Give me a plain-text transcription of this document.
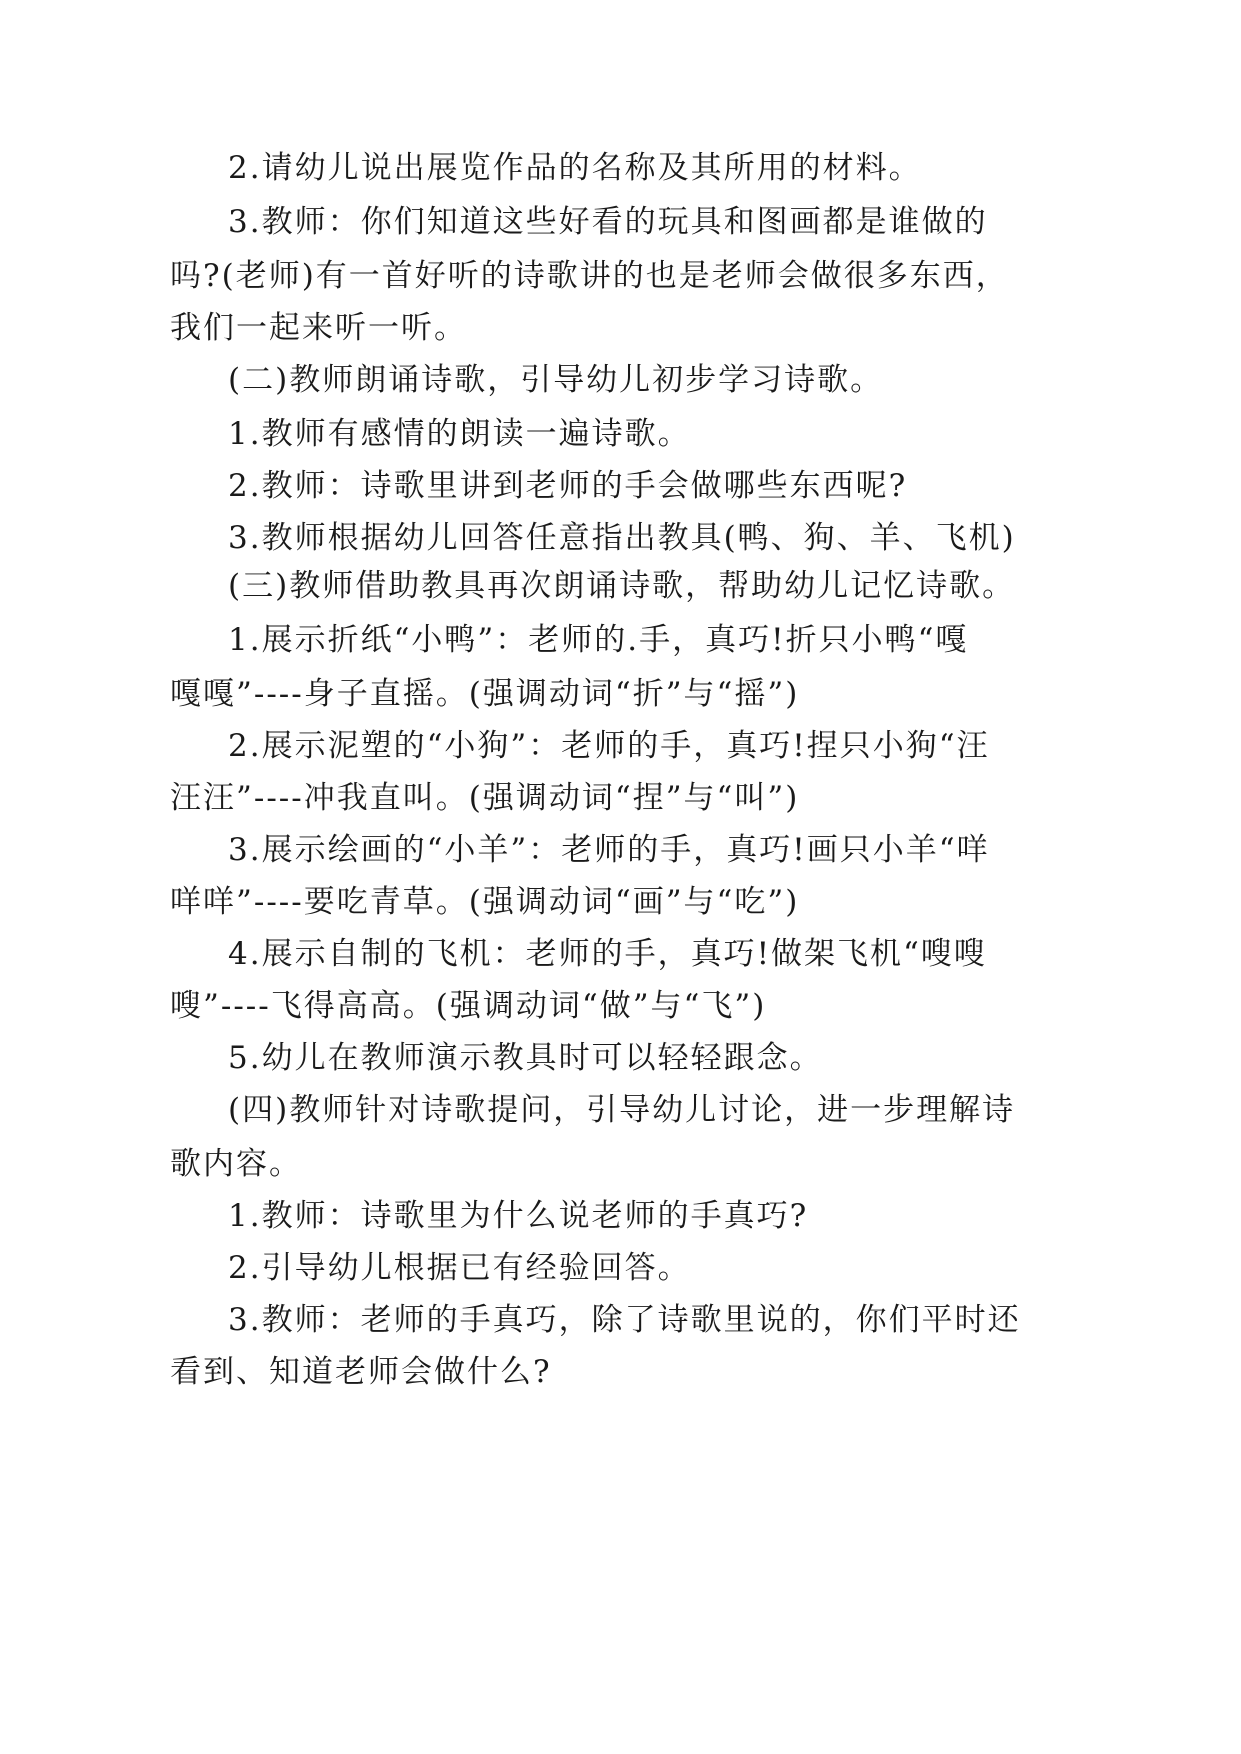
2.请幼儿说出展览作品的名称及其所用的材料。
3.教师：你们知道这些好看的玩具和图画都是谁做的
吗?(老师)有一首好听的诗歌讲的也是老师会做很多东西，
我们一起来听一听。
(二)教师朗诵诗歌，引导幼儿初步学习诗歌。
1.教师有感情的朗读一遍诗歌。
2.教师：诗歌里讲到老师的手会做哪些东西呢?
3.教师根据幼儿回答任意指出教具(鸭、狗、羊、飞机)
(三)教师借助教具再次朗诵诗歌，帮助幼儿记忆诗歌。
1.展示折纸“小鸭”：老师的.手，真巧!折只小鸭“嘎
嘎嘎”----身子直摇。(强调动词“折”与“摇”)
2.展示泥塑的“小狗”：老师的手，真巧!捏只小狗“汪
汪汪”----冲我直叫。(强调动词“捏”与“叫”)
3.展示绘画的“小羊”：老师的手，真巧!画只小羊“咩
咩咩”----要吃青草。(强调动词“画”与“吃”)
4.展示自制的飞机：老师的手，真巧!做架飞机“嗖嗖
嗖”----飞得高高。(强调动词“做”与“飞”)
5.幼儿在教师演示教具时可以轻轻跟念。
(四)教师针对诗歌提问，引导幼儿讨论，进一步理解诗
歌内容。
1.教师：诗歌里为什么说老师的手真巧?
2.引导幼儿根据已有经验回答。
3.教师：老师的手真巧，除了诗歌里说的，你们平时还
看到、知道老师会做什么?
